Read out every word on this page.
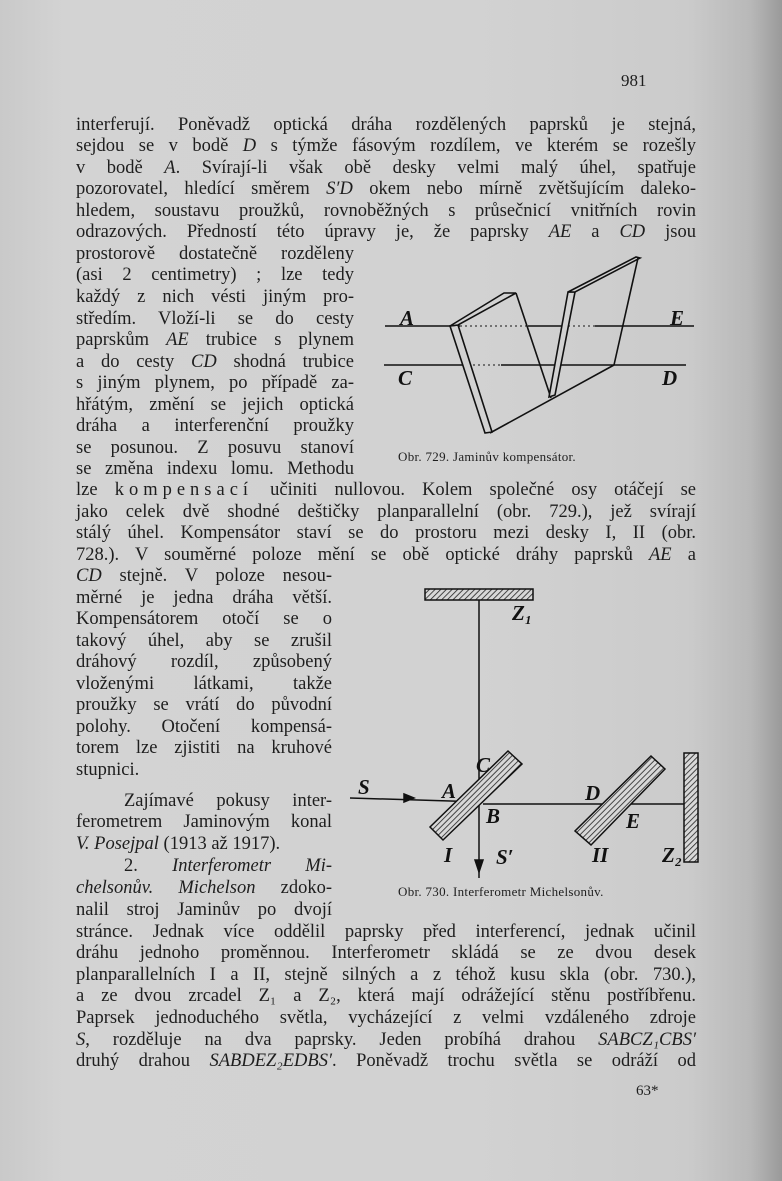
981
interferují. Poněvadž optická dráha rozdělených paprsků je stejná,
sejdou se v bodě D s týmže fásovým rozdílem, ve kterém se rozešly
v bodě A. Svírají-li však obě desky velmi malý úhel, spatřuje
pozorovatel, hledící směrem S′D okem nebo mírně zvětšujícím daleko-
hledem, soustavu proužků, rovnoběžných s průsečnicí vnitřních rovin
odrazových. Předností této úpravy je, že paprsky AE a CD jsou
prostorově dostatečně rozděleny
(asi 2 centimetry) ; lze tedy
každý z nich vésti jiným pro-
středím. Vloží-li se do cesty
paprskům AE trubice s plynem
a do cesty CD shodná trubice
s jiným plynem, po případě za-
hřátým, změní se jejich optická
dráha a interferenční proužky
se posunou. Z posuvu stanoví
se změna indexu lomu. Methodu
lze kompensací učiniti nullovou. Kolem společné osy otáčejí se
jako celek dvě shodné deštičky planparallelní (obr. 729.), jež svírají
stálý úhel. Kompensátor staví se do prostoru mezi desky I, II (obr.
728.). V souměrné poloze mění se obě optické dráhy paprsků AE a
CD stejně. V poloze nesou-
měrné je jedna dráha větší.
Kompensátorem otočí se o
takový úhel, aby se zrušil
dráhový rozdíl, způsobený
vloženými látkami, takže
proužky se vrátí do původní
polohy. Otočení kompensá-
torem lze zjistiti na kruhové
stupnici.
Zajímavé pokusy inter-
ferometrem Jaminovým konal
V. Posejpal (1913 až 1917).
2. Interferometr Mi-
chelsonův. Michelson zdoko-
nalil stroj Jaminův po dvojí
stránce. Jednak více oddělil paprsky před interferencí, jednak učinil
dráhu jednoho proměnnou. Interferometr skládá se ze dvou desek
planparallelních I a II, stejně silných a z téhož kusu skla (obr. 730.),
a ze dvou zrcadel Z₁ a Z₂, která mají odrážející stěnu postříbřenu.
Paprsek jednoduchého světla, vycházející z velmi vzdáleného zdroje
S, rozděluje na dva paprsky. Jeden probíhá drahou SABCZ₁CBS′
druhý drahou SABDEZ₂EDBS′. Poněvadž trochu světla se odráží od
A	E
C	D
Z₁
S	A
C
B
D
E
I S′	II	Z₂
Obr. 729. Jaminův kompensátor.
Obr. 730. Interferometr Michelsonův.
63*
